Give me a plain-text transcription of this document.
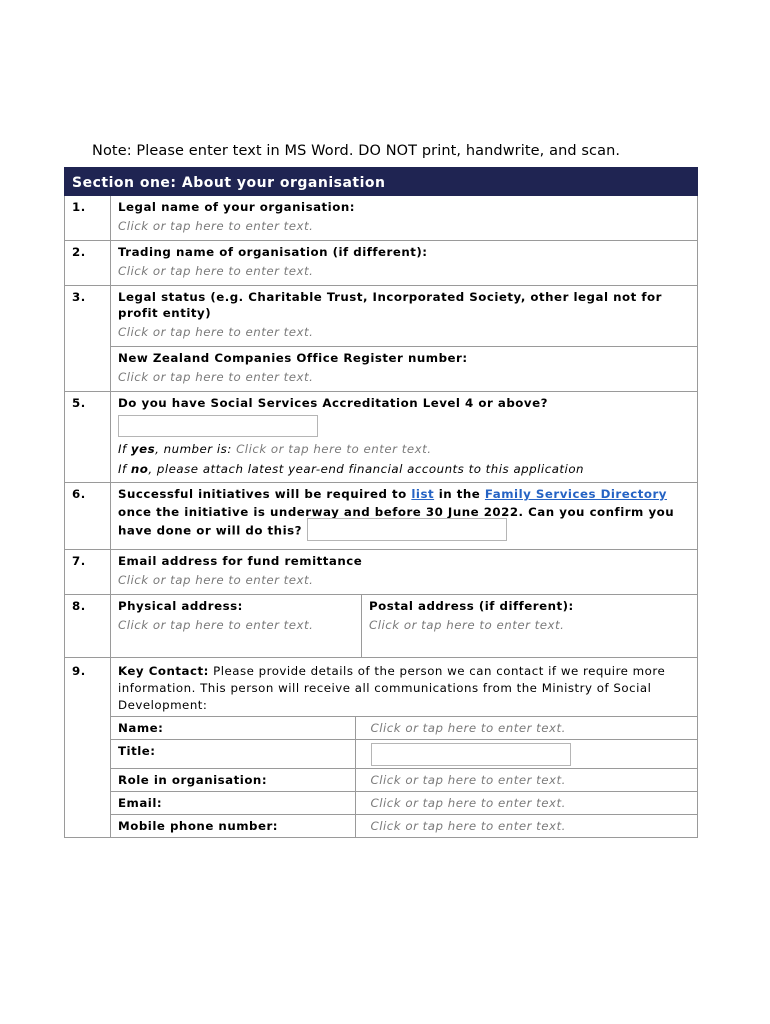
Note: Please enter text in MS Word. DO NOT print, handwrite, and scan.
Section one: About your organisation
1.	Legal name of your organisation:
Click or tap here to enter text.

2.	Trading name of organisation (if different):
Click or tap here to enter text.

3.	Legal status (e.g. Charitable Trust, Incorporated Society, other legal not for profit entity)
Click or tap here to enter text.

New Zealand Companies Office Register number:
Click or tap here to enter text.

5.	Do you have Social Services Accreditation Level 4 or above?
If yes, number is: Click or tap here to enter text.
If no, please attach latest year-end financial accounts to this application

6.	Successful initiatives will be required to list in the Family Services Directory once the initiative is underway and before 30 June 2022. Can you confirm you have done or will do this?

7.	Email address for fund remittance
Click or tap here to enter text.

8.	Physical address:
Click or tap here to enter text.

Postal address (if different):
Click or tap here to enter text.

9.	Key Contact: Please provide details of the person we can contact if we require more information. This person will receive all communications from the Ministry of Social Development:
Name:	Click or tap here to enter text.
Title:	
Role in organisation:	Click or tap here to enter text.
Email:	Click or tap here to enter text.
Mobile phone number:	Click or tap here to enter text.
